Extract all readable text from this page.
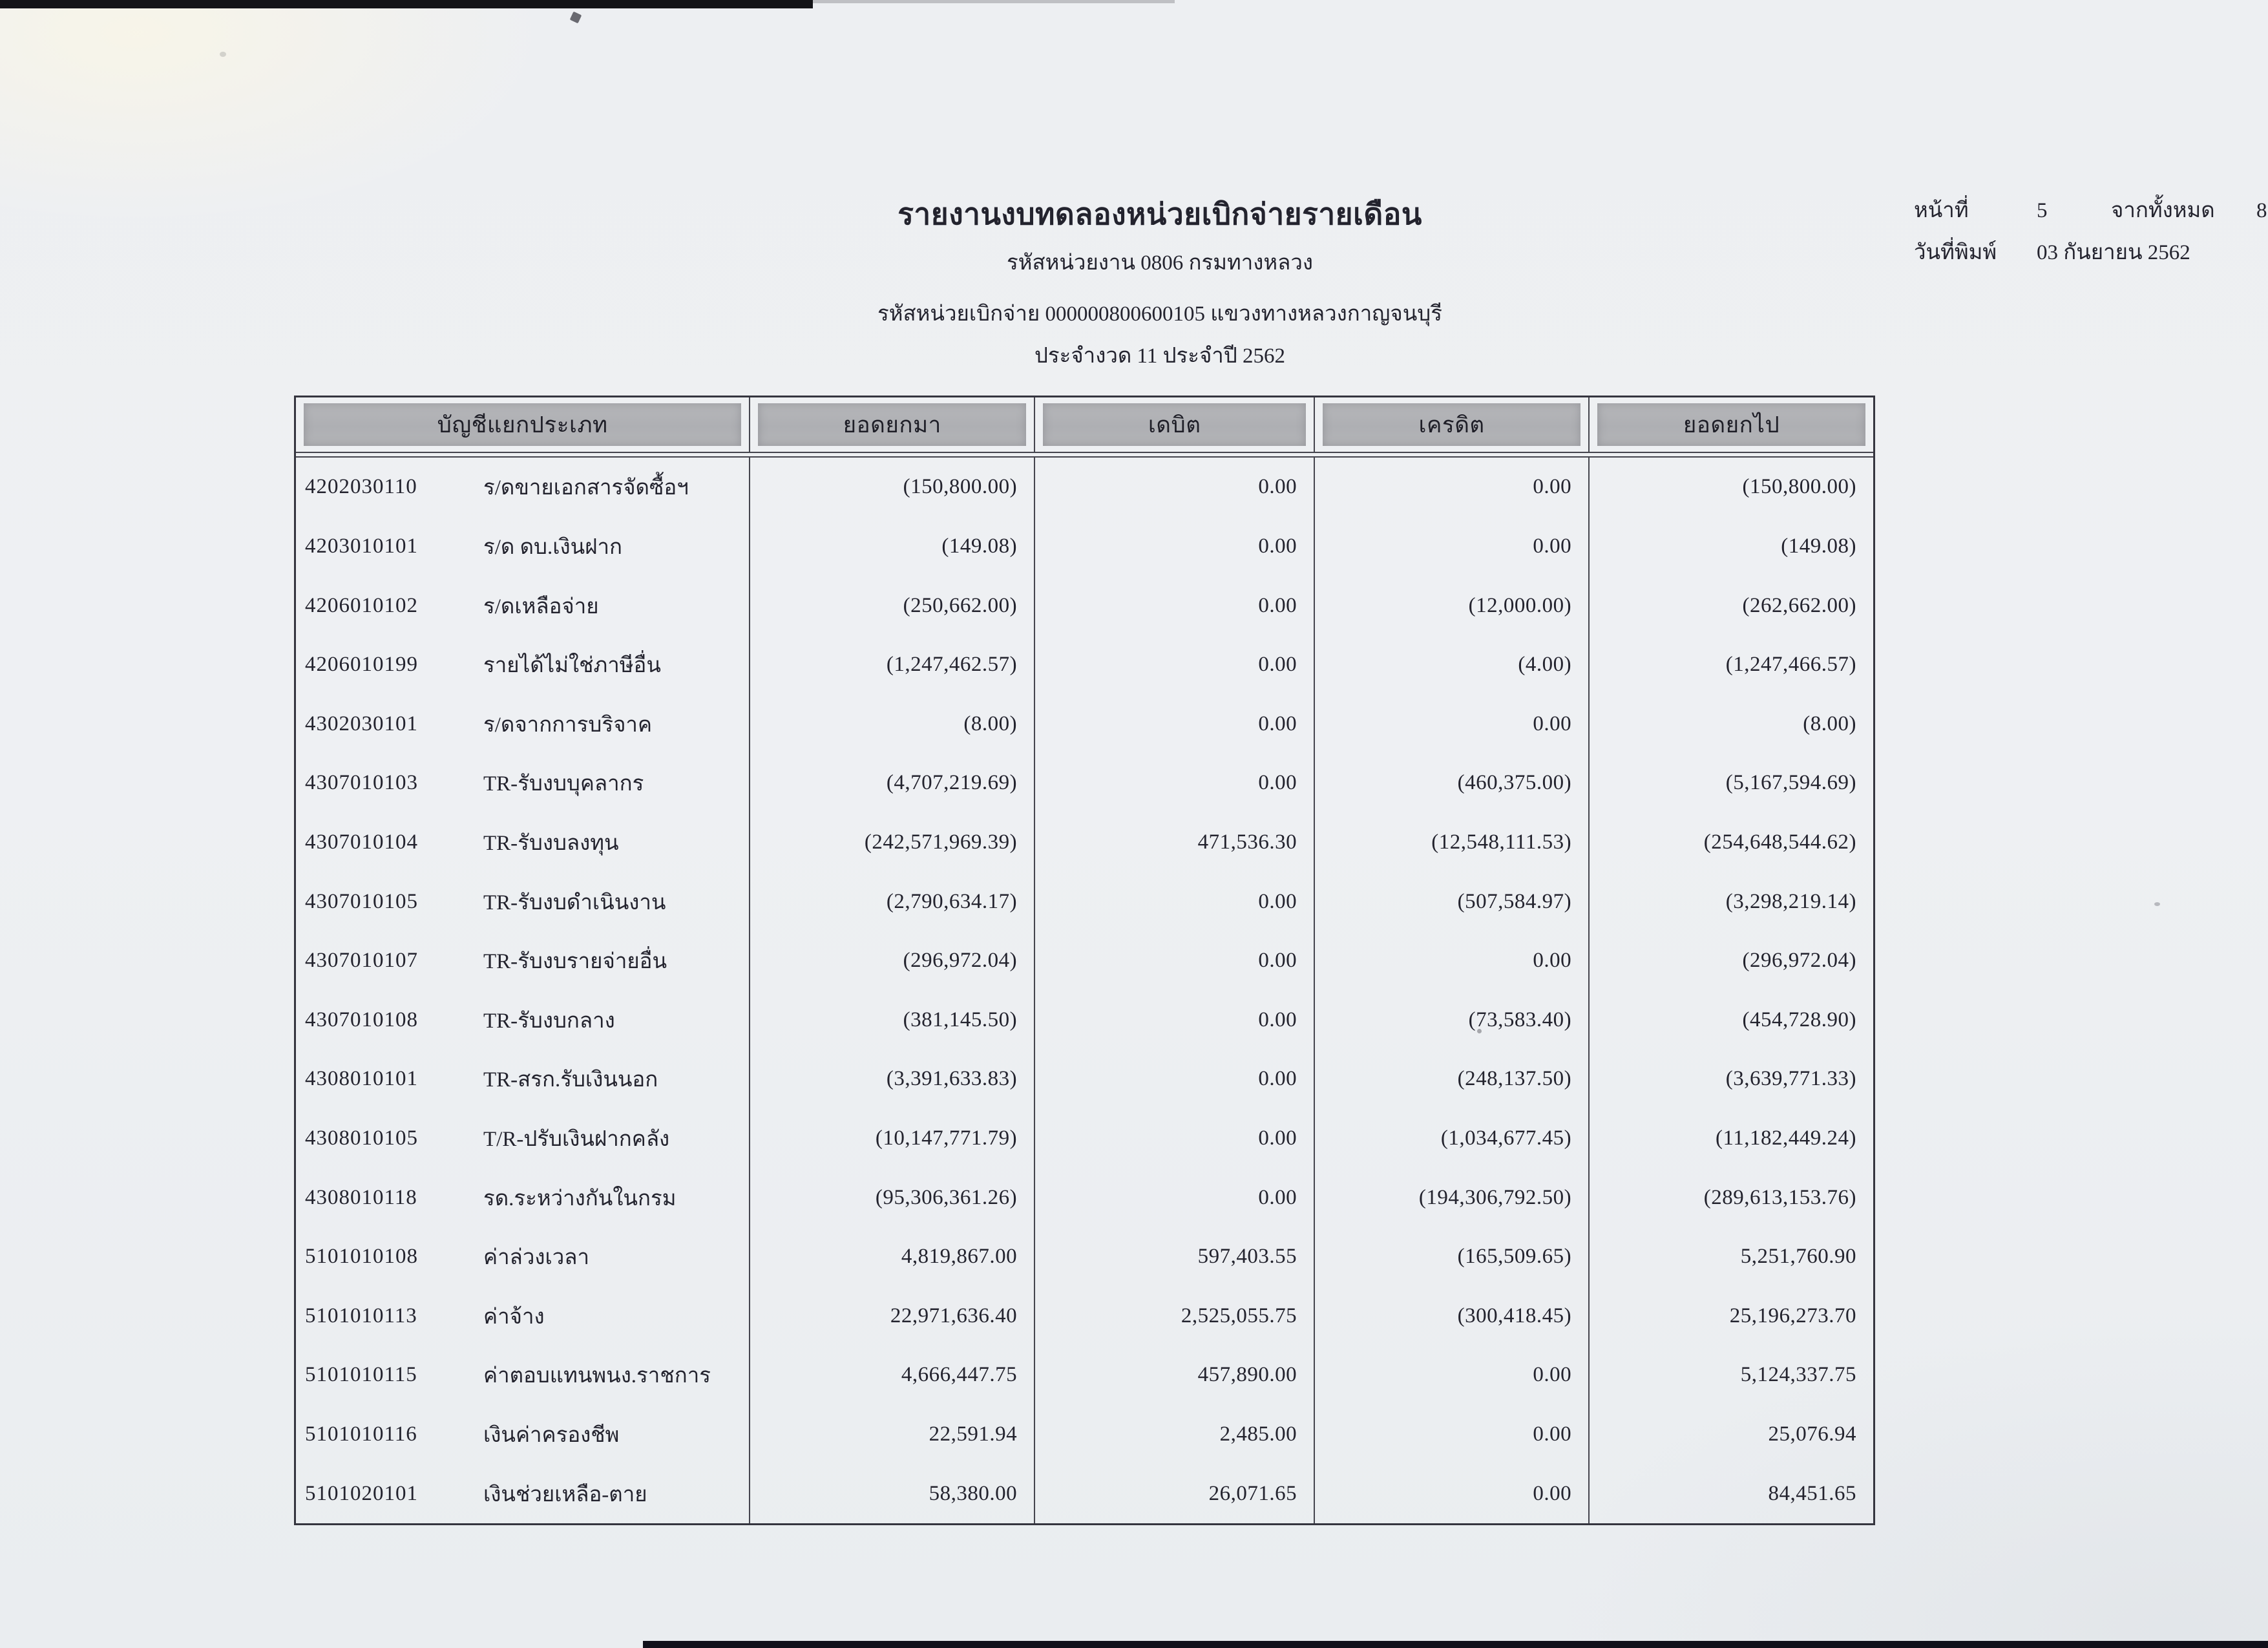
รายงานงบทดลองหน่วยเบิกจ่ายรายเดือน
รหัสหน่วยงาน 0806 กรมทางหลวง
รหัสหน่วยเบิกจ่าย 000000800600105 แขวงทางหลวงกาญจนบุรี
ประจำงวด 11 ประจำปี 2562
หน้าที่	5	จากทั้งหมด	8
วันที่พิมพ์	03 กันยายน 2562
บัญชีแยกประเภท	ยอดยกมา	เดบิต	เครดิต	ยอดยกไป
4202030110	ร/ดขายเอกสารจัดซื้อฯ	(150,800.00)	0.00	0.00	(150,800.00)
4203010101	ร/ด ดบ.เงินฝาก	(149.08)	0.00	0.00	(149.08)
4206010102	ร/ดเหลือจ่าย	(250,662.00)	0.00	(12,000.00)	(262,662.00)
4206010199	รายได้ไม่ใช่ภาษีอื่น	(1,247,462.57)	0.00	(4.00)	(1,247,466.57)
4302030101	ร/ดจากการบริจาค	(8.00)	0.00	0.00	(8.00)
4307010103	TR-รับงบบุคลากร	(4,707,219.69)	0.00	(460,375.00)	(5,167,594.69)
4307010104	TR-รับงบลงทุน	(242,571,969.39)	471,536.30	(12,548,111.53)	(254,648,544.62)
4307010105	TR-รับงบดำเนินงาน	(2,790,634.17)	0.00	(507,584.97)	(3,298,219.14)
4307010107	TR-รับงบรายจ่ายอื่น	(296,972.04)	0.00	0.00	(296,972.04)
4307010108	TR-รับงบกลาง	(381,145.50)	0.00	(73,583.40)	(454,728.90)
4308010101	TR-สรก.รับเงินนอก	(3,391,633.83)	0.00	(248,137.50)	(3,639,771.33)
4308010105	T/R-ปรับเงินฝากคลัง	(10,147,771.79)	0.00	(1,034,677.45)	(11,182,449.24)
4308010118	รด.ระหว่างกันในกรม	(95,306,361.26)	0.00	(194,306,792.50)	(289,613,153.76)
5101010108	ค่าล่วงเวลา	4,819,867.00	597,403.55	(165,509.65)	5,251,760.90
5101010113	ค่าจ้าง	22,971,636.40	2,525,055.75	(300,418.45)	25,196,273.70
5101010115	ค่าตอบแทนพนง.ราชการ	4,666,447.75	457,890.00	0.00	5,124,337.75
5101010116	เงินค่าครองชีพ	22,591.94	2,485.00	0.00	25,076.94
5101020101	เงินช่วยเหลือ-ตาย	58,380.00	26,071.65	0.00	84,451.65
